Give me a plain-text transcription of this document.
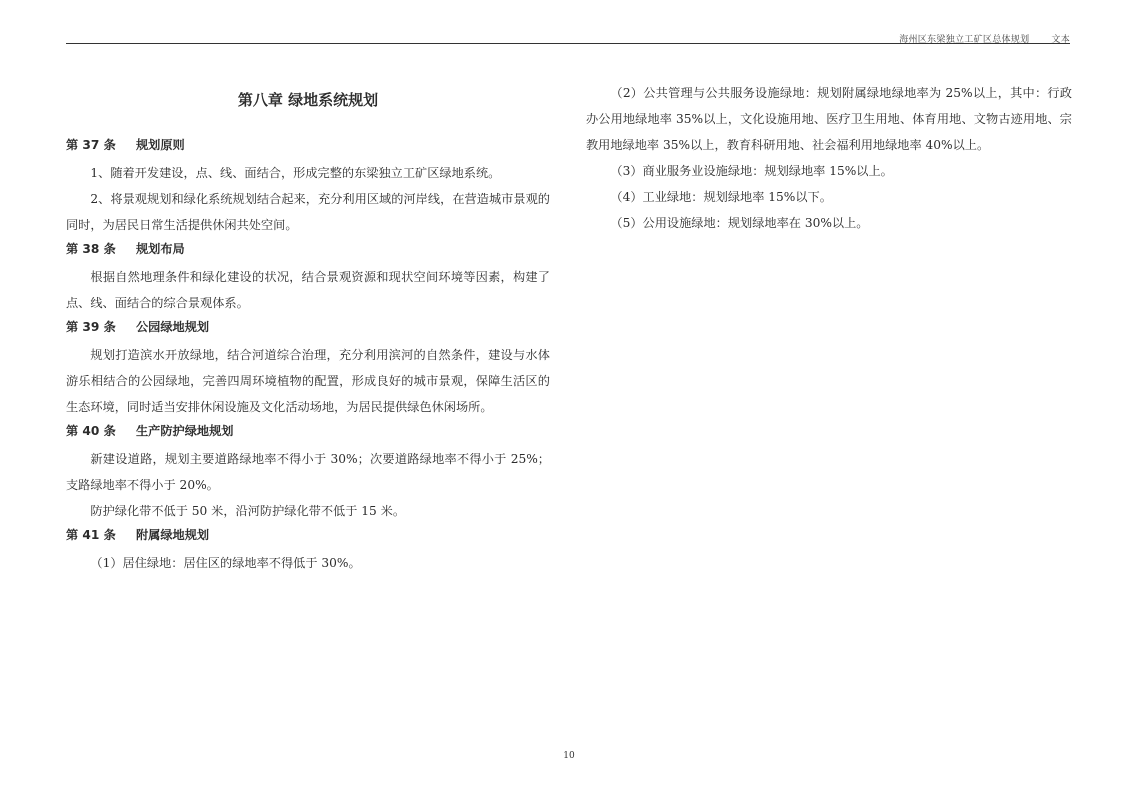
海州区东梁独立工矿区总体规划 文本
第八章 绿地系统规划
第 37 条 规划原则

1、随着开发建设，点、线、面结合，形成完整的东梁独立工矿区绿地系统。

2、将景观规划和绿化系统规划结合起来，充分利用区域的河岸线，在营造城市景观的同时，为居民日常生活提供休闲共处空间。

第 38 条 规划布局

根据自然地理条件和绿化建设的状况，结合景观资源和现状空间环境等因素，构建了点、线、面结合的综合景观体系。

第 39 条 公园绿地规划

规划打造滨水开放绿地，结合河道综合治理，充分利用滨河的自然条件，建设与水体游乐相结合的公园绿地，完善四周环境植物的配置，形成良好的城市景观，保障生活区的生态环境，同时适当安排休闲设施及文化活动场地，为居民提供绿色休闲场所。

第 40 条 生产防护绿地规划

新建设道路，规划主要道路绿地率不得小于 30%；次要道路绿地率不得小于 25%；支路绿地率不得小于 20%。

防护绿化带不低于 50 米，沿河防护绿化带不低于 15 米。

第 41 条 附属绿地规划

（1）居住绿地：居住区的绿地率不得低于 30%。

（2）公共管理与公共服务设施绿地：规划附属绿地绿地率为 25%以上，其中：行政办公用地绿地率 35%以上，文化设施用地、医疗卫生用地、体育用地、文物古迹用地、宗教用地绿地率 35%以上，教育科研用地、社会福利用地绿地率 40%以上。

（3）商业服务业设施绿地：规划绿地率 15%以上。

（4）工业绿地：规划绿地率 15%以下。

（5）公用设施绿地：规划绿地率在 30%以上。

10
